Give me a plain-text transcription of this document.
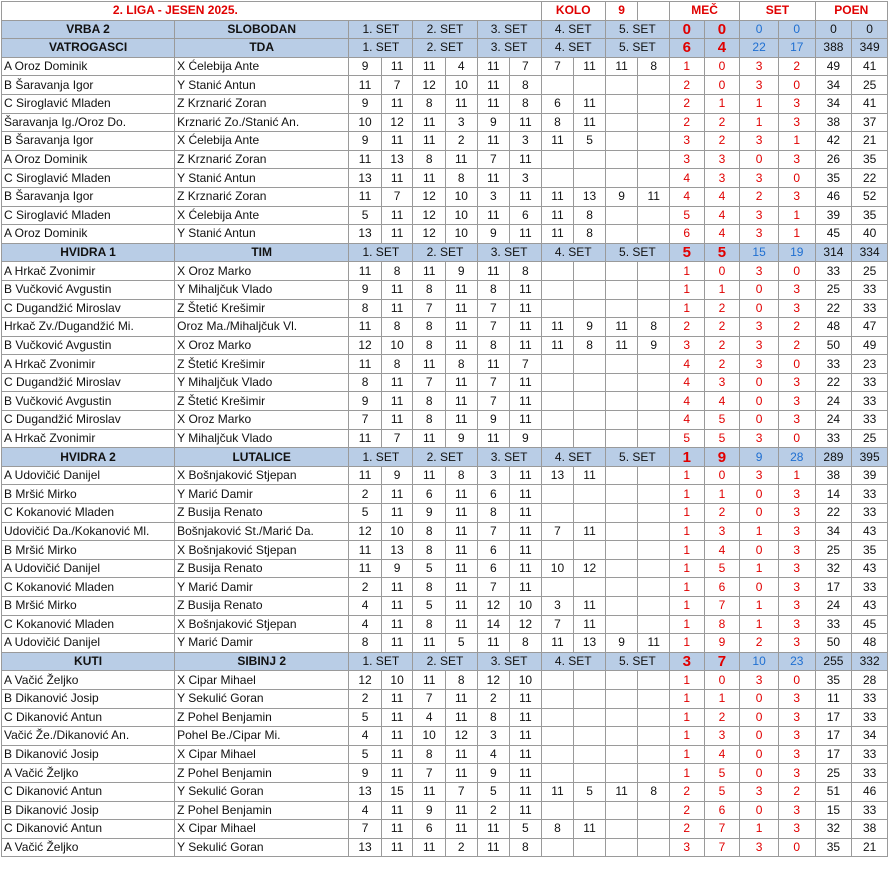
2. LIGA - JESEN 2025.								KOLO		9		MEČ		SET		POEN	
VRBA 2	SLOBODAN	1. SET		2. SET		3. SET		4. SET		5. SET		0	0	0	0	0	0
VATROGASCI	TDA	1. SET		2. SET		3. SET		4. SET		5. SET		6	4	22	17	388	349
A Oroz Dominik	X Ćelebija Ante	9	11	11	4	11	7	7	11	11	8	1	0	3	2	49	41
B Šaravanja Igor	Y Stanić Antun	11	7	12	10	11	8					2	0	3	0	34	25
C Siroglavić Mladen	Z Krznarić Zoran	9	11	8	11	11	8	6	11			2	1	1	3	34	41
Šaravanja Ig./Oroz Do.	Krznarić Zo./Stanić An.	10	12	11	3	9	11	8	11			2	2	1	3	38	37
B Šaravanja Igor	X Ćelebija Ante	9	11	11	2	11	3	11	5			3	2	3	1	42	21
A Oroz Dominik	Z Krznarić Zoran	11	13	8	11	7	11					3	3	0	3	26	35
C Siroglavić Mladen	Y Stanić Antun	13	11	11	8	11	3					4	3	3	0	35	22
B Šaravanja Igor	Z Krznarić Zoran	11	7	12	10	3	11	11	13	9	11	4	4	2	3	46	52
C Siroglavić Mladen	X Ćelebija Ante	5	11	12	10	11	6	11	8			5	4	3	1	39	35
A Oroz Dominik	Y Stanić Antun	13	11	12	10	9	11	11	8			6	4	3	1	45	40
HVIDRA 1	TIM	1. SET		2. SET		3. SET		4. SET		5. SET		5	5	15	19	314	334
A Hrkač Zvonimir	X Oroz Marko	11	8	11	9	11	8					1	0	3	0	33	25
B Vučković Avgustin	Y Mihaljčuk Vlado	9	11	8	11	8	11					1	1	0	3	25	33
C Dugandžić Miroslav	Z Štetić Krešimir	8	11	7	11	7	11					1	2	0	3	22	33
Hrkač Zv./Dugandžić Mi.	Oroz Ma./Mihaljčuk Vl.	11	8	8	11	7	11	11	9	11	8	2	2	3	2	48	47
B Vučković Avgustin	X Oroz Marko	12	10	8	11	8	11	11	8	11	9	3	2	3	2	50	49
A Hrkač Zvonimir	Z Štetić Krešimir	11	8	11	8	11	7					4	2	3	0	33	23
C Dugandžić Miroslav	Y Mihaljčuk Vlado	8	11	7	11	7	11					4	3	0	3	22	33
B Vučković Avgustin	Z Štetić Krešimir	9	11	8	11	7	11					4	4	0	3	24	33
C Dugandžić Miroslav	X Oroz Marko	7	11	8	11	9	11					4	5	0	3	24	33
A Hrkač Zvonimir	Y Mihaljčuk Vlado	11	7	11	9	11	9					5	5	3	0	33	25
HVIDRA 2	LUTALICE	1. SET		2. SET		3. SET		4. SET		5. SET		1	9	9	28	289	395
A Udovičić Danijel	X Bošnjaković Stjepan	11	9	11	8	3	11	13	11			1	0	3	1	38	39
B Mršić Mirko	Y Marić Damir	2	11	6	11	6	11					1	1	0	3	14	33
C Kokanović Mladen	Z Busija Renato	5	11	9	11	8	11					1	2	0	3	22	33
Udovičić Da./Kokanović Ml.	Bošnjaković St./Marić Da.	12	10	8	11	7	11	7	11			1	3	1	3	34	43
B Mršić Mirko	X Bošnjaković Stjepan	11	13	8	11	6	11					1	4	0	3	25	35
A Udovičić Danijel	Z Busija Renato	11	9	5	11	6	11	10	12			1	5	1	3	32	43
C Kokanović Mladen	Y Marić Damir	2	11	8	11	7	11					1	6	0	3	17	33
B Mršić Mirko	Z Busija Renato	4	11	5	11	12	10	3	11			1	7	1	3	24	43
C Kokanović Mladen	X Bošnjaković Stjepan	4	11	8	11	14	12	7	11			1	8	1	3	33	45
A Udovičić Danijel	Y Marić Damir	8	11	11	5	11	8	11	13	9	11	1	9	2	3	50	48
KUTI	SIBINJ 2	1. SET		2. SET		3. SET		4. SET		5. SET		3	7	10	23	255	332
A Vačić Željko	X Cipar Mihael	12	10	11	8	12	10					1	0	3	0	35	28
B Dikanović Josip	Y Sekulić Goran	2	11	7	11	2	11					1	1	0	3	11	33
C Dikanović Antun	Z Pohel Benjamin	5	11	4	11	8	11					1	2	0	3	17	33
Vačić Že./Dikanović An.	Pohel Be./Cipar Mi.	4	11	10	12	3	11					1	3	0	3	17	34
B Dikanović Josip	X Cipar Mihael	5	11	8	11	4	11					1	4	0	3	17	33
A Vačić Željko	Z Pohel Benjamin	9	11	7	11	9	11					1	5	0	3	25	33
C Dikanović Antun	Y Sekulić Goran	13	15	11	7	5	11	11	5	11	8	2	5	3	2	51	46
B Dikanović Josip	Z Pohel Benjamin	4	11	9	11	2	11					2	6	0	3	15	33
C Dikanović Antun	X Cipar Mihael	7	11	6	11	11	5	8	11			2	7	1	3	32	38
A Vačić Željko	Y Sekulić Goran	13	11	11	2	11	8					3	7	3	0	35	21
